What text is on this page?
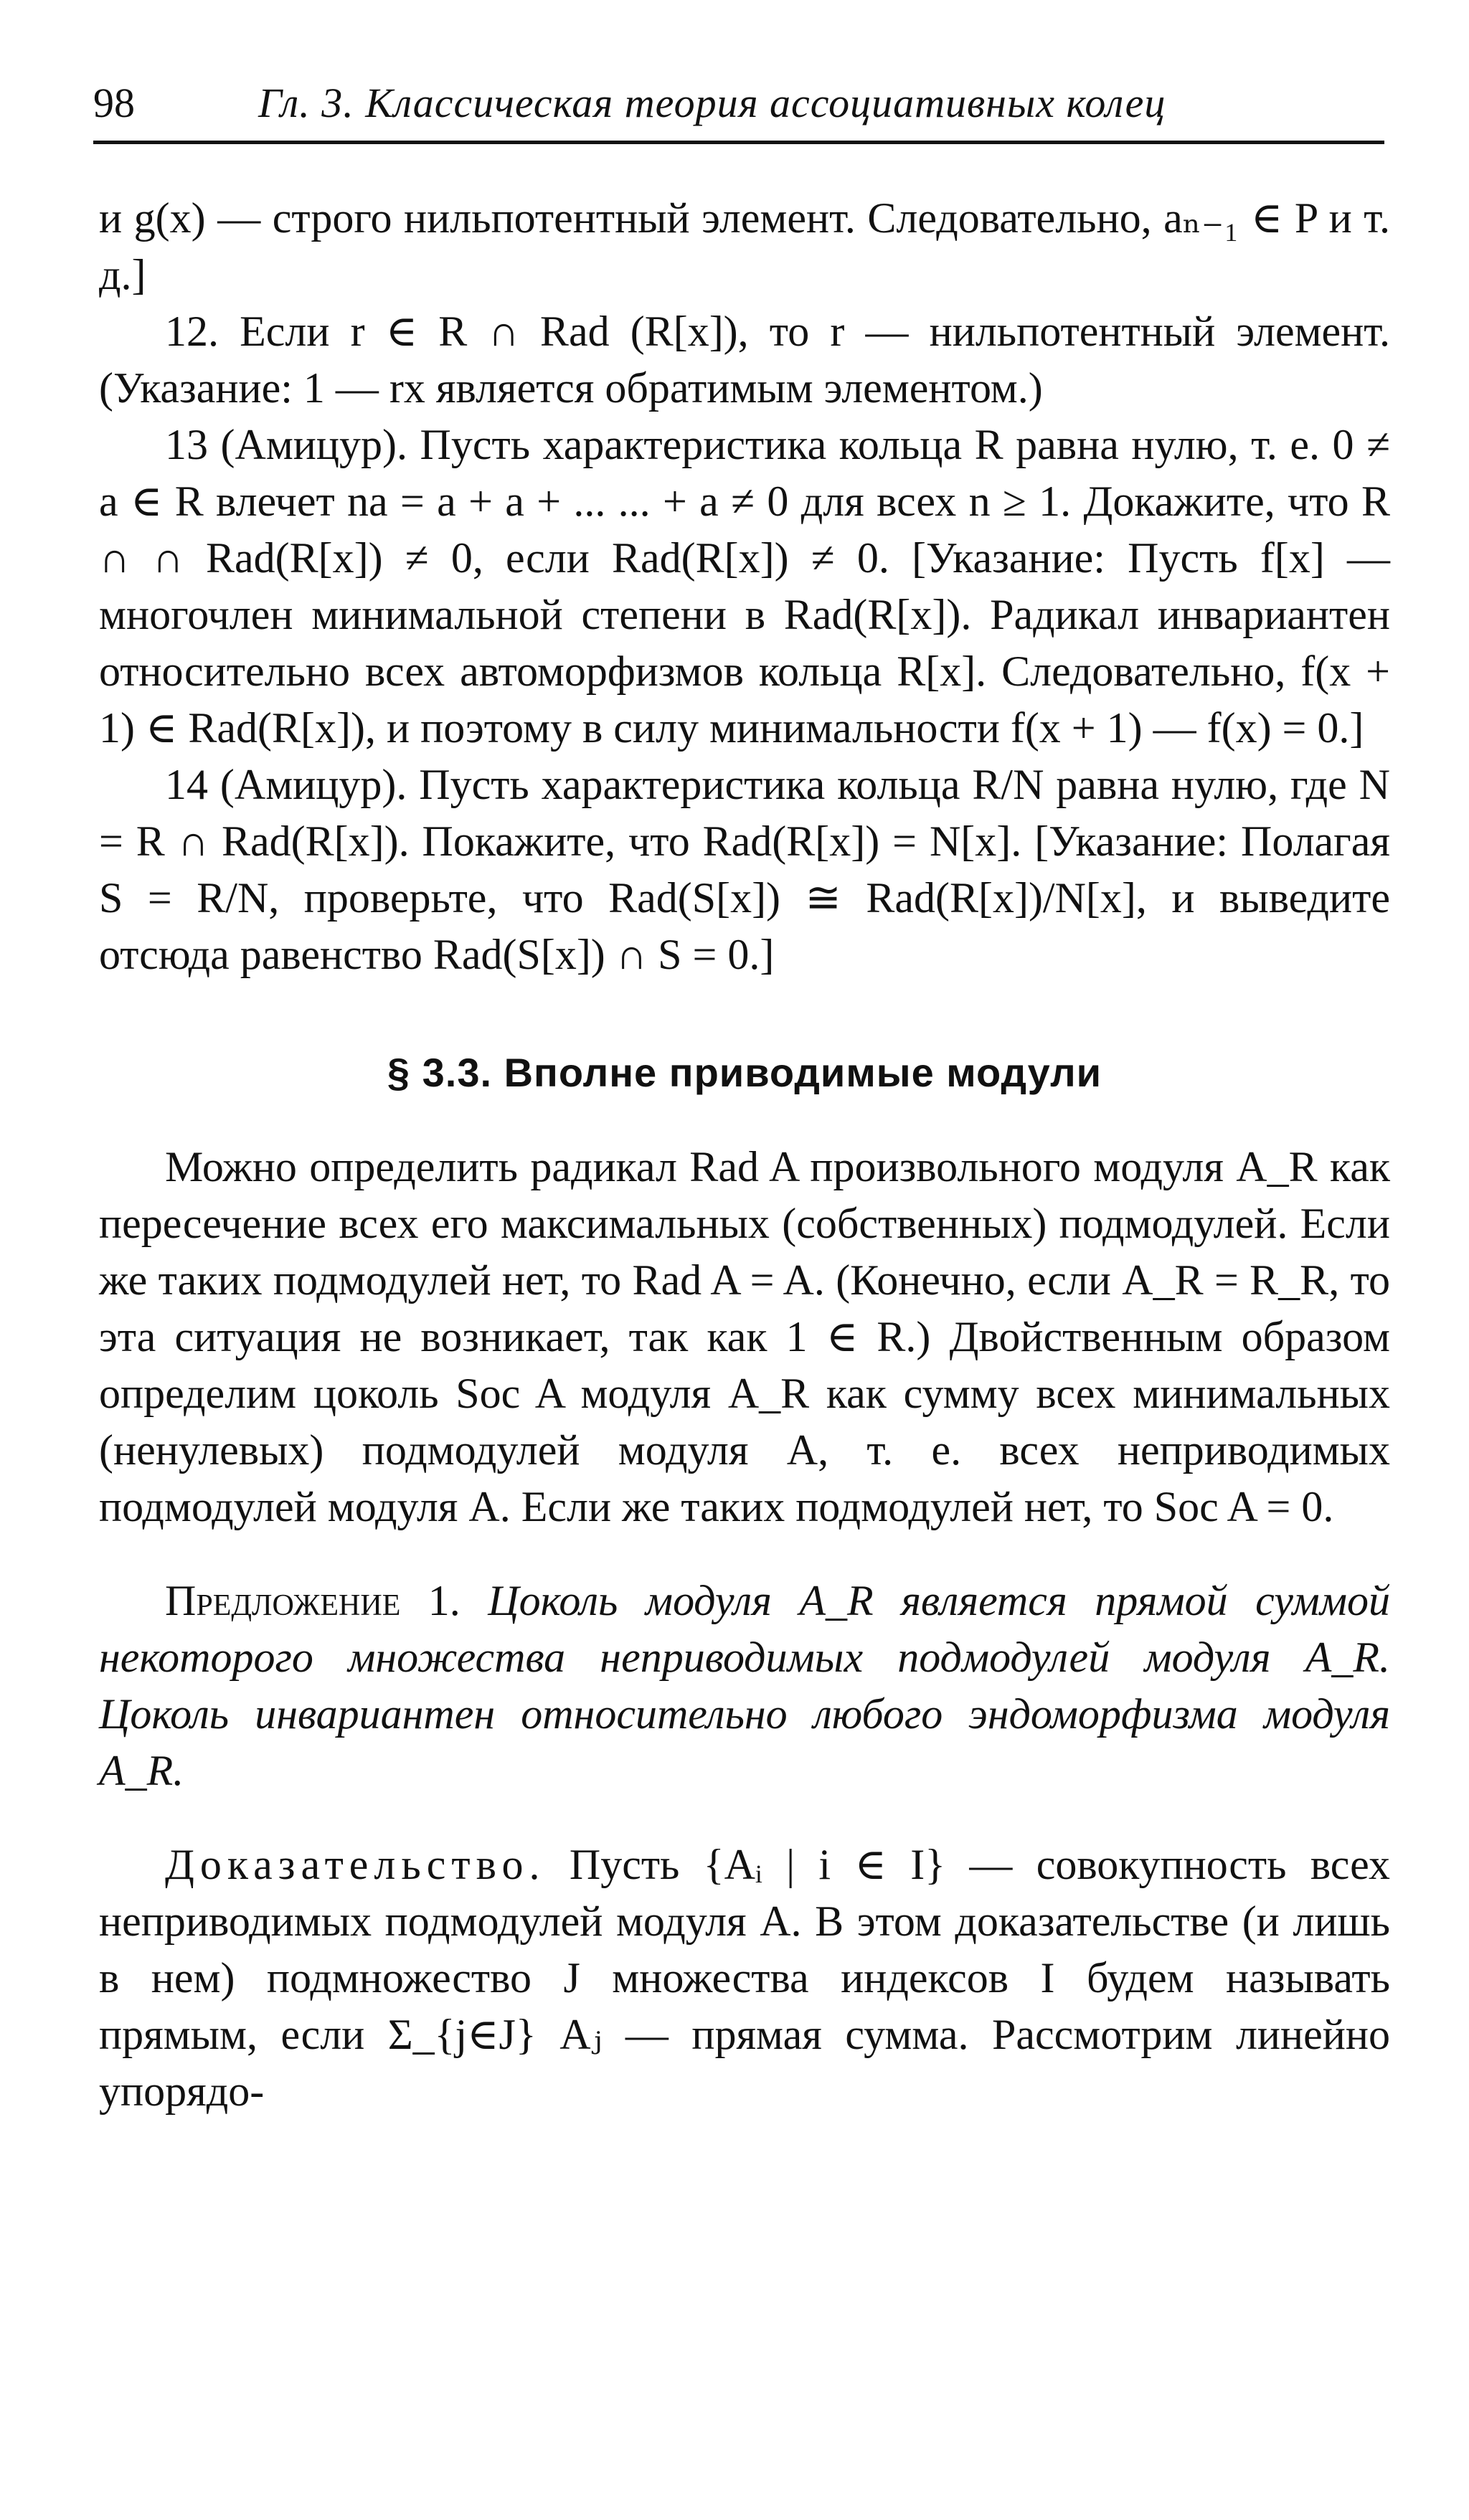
98	Гл. 3. Классическая теория ассоциативных колец

и g(x) — строго нильпотентный элемент. Следовательно, aₙ₋₁ ∈ P и т. д.]

12. Если r ∈ R ∩ Rad (R[x]), то r — нильпотентный элемент. (Указание: 1 — rx является обратимым элементом.)

13 (Амицур). Пусть характеристика кольца R равна нулю, т. е. 0 ≠ a ∈ R влечет na = a + a + ... ... + a ≠ 0 для всех n ≥ 1. Докажите, что R ∩ ∩ Rad(R[x]) ≠ 0, если Rad(R[x]) ≠ 0. [Указание: Пусть f[x] — многочлен минимальной степени в Rad(R[x]). Радикал инвариантен относительно всех автоморфизмов кольца R[x]. Следовательно, f(x + 1) ∈ Rad(R[x]), и поэтому в силу минимальности f(x + 1) — f(x) = 0.]

14 (Амицур). Пусть характеристика кольца R/N равна нулю, где N = R ∩ Rad(R[x]). Покажите, что Rad(R[x]) = N[x]. [Указание: Полагая S = R/N, проверьте, что Rad(S[x]) ≅ Rad(R[x])/N[x], и выведите отсюда равенство Rad(S[x]) ∩ S = 0.]

§ 3.3. Вполне приводимые модули

Можно определить радикал Rad A произвольного модуля A_R как пересечение всех его максимальных (собственных) подмодулей. Если же таких подмодулей нет, то Rad A = A. (Конечно, если A_R = R_R, то эта ситуация не возникает, так как 1 ∈ R.) Двойственным образом определим цоколь Soc A модуля A_R как сумму всех минимальных (ненулевых) подмодулей модуля A, т. е. всех неприводимых подмодулей модуля A. Если же таких подмодулей нет, то Soc A = 0.

Предложение 1. Цоколь модуля A_R является прямой суммой некоторого множества неприводимых подмодулей модуля A_R. Цоколь инвариантен относительно любого эндоморфизма модуля A_R.

Доказательство. Пусть {Aᵢ | i ∈ I} — совокупность всех неприводимых подмодулей модуля A. В этом доказательстве (и лишь в нем) подмножество J множества индексов I будем называть прямым, если Σ_{j∈J} Aⱼ — прямая сумма. Рассмотрим линейно упорядо-
